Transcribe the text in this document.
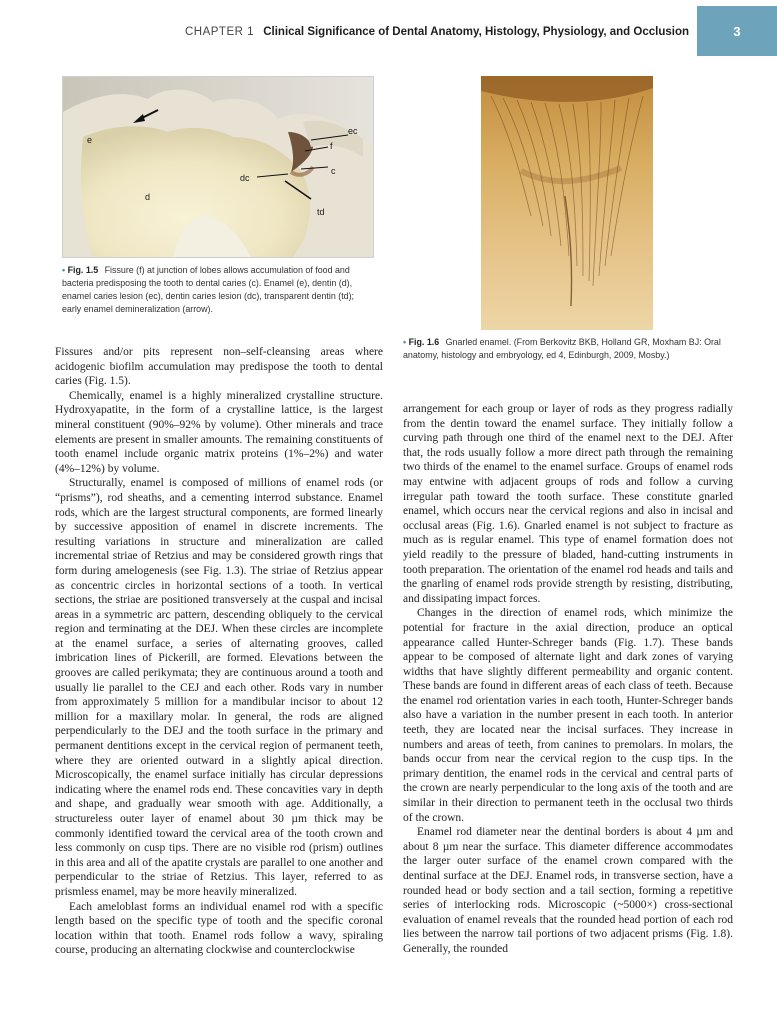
CHAPTER 1 Clinical Significance of Dental Anatomy, Histology, Physiology, and Occlusion	3
e
d
ec
f
c
dc
td
• Fig. 1.5 Fissure (f) at junction of lobes allows accumulation of food and bacteria predisposing the tooth to dental caries (c). Enamel (e), dentin (d), enamel caries lesion (ec), dentin caries lesion (dc), transparent dentin (td); early enamel demineralization (arrow).
• Fig. 1.6 Gnarled enamel. (From Berkovitz BKB, Holland GR, Moxham BJ: Oral anatomy, histology and embryology, ed 4, Edinburgh, 2009, Mosby.)

Fissures and/or pits represent non–self-cleansing areas where acidogenic biofilm accumulation may predispose the tooth to dental caries (Fig. 1.5).

Chemically, enamel is a highly mineralized crystalline structure. Hydroxyapatite, in the form of a crystalline lattice, is the largest mineral constituent (90%–92% by volume). Other minerals and trace elements are present in smaller amounts. The remaining constituents of tooth enamel include organic matrix proteins (1%–2%) and water (4%–12%) by volume.

Structurally, enamel is composed of millions of enamel rods (or “prisms”), rod sheaths, and a cementing interrod substance. Enamel rods, which are the largest structural components, are formed linearly by successive apposition of enamel in discrete increments. The resulting variations in structure and mineralization are called incremental striae of Retzius and may be considered growth rings that form during amelogenesis (see Fig. 1.3). The striae of Retzius appear as concentric circles in horizontal sections of a tooth. In vertical sections, the striae are positioned transversely at the cuspal and incisal areas in a symmetric arc pattern, descending obliquely to the cervical region and terminating at the DEJ. When these circles are incomplete at the enamel surface, a series of alternating grooves, called imbrication lines of Pickerill, are formed. Elevations between the grooves are called perikymata; they are continuous around a tooth and usually lie parallel to the CEJ and each other. Rods vary in number from approximately 5 million for a mandibular incisor to about 12 million for a maxillary molar. In general, the rods are aligned perpendicularly to the DEJ and the tooth surface in the primary and permanent dentitions except in the cervical region of permanent teeth, where they are oriented outward in a slightly apical direction. Microscopically, the enamel surface initially has circular depressions indicating where the enamel rods end. These concavities vary in depth and shape, and gradually wear smooth with age. Additionally, a structureless outer layer of enamel about 30 µm thick may be commonly identified toward the cervical area of the tooth crown and less commonly on cusp tips. There are no visible rod (prism) outlines in this area and all of the apatite crystals are parallel to one another and perpendicular to the striae of Retzius. This layer, referred to as prismless enamel, may be more heavily mineralized.

Each ameloblast forms an individual enamel rod with a specific length based on the specific type of tooth and the specific coronal location within that tooth. Enamel rods follow a wavy, spiraling course, producing an alternating clockwise and counterclockwise

arrangement for each group or layer of rods as they progress radially from the dentin toward the enamel surface. They initially follow a curving path through one third of the enamel next to the DEJ. After that, the rods usually follow a more direct path through the remaining two thirds of the enamel to the enamel surface. Groups of enamel rods may entwine with adjacent groups of rods and follow a curving irregular path toward the tooth surface. These constitute gnarled enamel, which occurs near the cervical regions and also in incisal and occlusal areas (Fig. 1.6). Gnarled enamel is not subject to fracture as much as is regular enamel. This type of enamel formation does not yield readily to the pressure of bladed, hand-cutting instruments in tooth preparation. The orientation of the enamel rod heads and tails and the gnarling of enamel rods provide strength by resisting, distributing, and dissipating impact forces.

Changes in the direction of enamel rods, which minimize the potential for fracture in the axial direction, produce an optical appearance called Hunter-Schreger bands (Fig. 1.7). These bands appear to be composed of alternate light and dark zones of varying widths that have slightly different permeability and organic content. These bands are found in different areas of each class of teeth. Because the enamel rod orientation varies in each tooth, Hunter-Schreger bands also have a variation in the number present in each tooth. In anterior teeth, they are located near the incisal surfaces. They increase in numbers and areas of teeth, from canines to premolars. In molars, the bands occur from near the cervical region to the cusp tips. In the primary dentition, the enamel rods in the cervical and central parts of the crown are nearly perpendicular to the long axis of the tooth and are similar in their direction to permanent teeth in the occlusal two thirds of the crown.

Enamel rod diameter near the dentinal borders is about 4 µm and about 8 µm near the surface. This diameter difference accommodates the larger outer surface of the enamel crown compared with the dentinal surface at the DEJ. Enamel rods, in transverse section, have a rounded head or body section and a tail section, forming a repetitive series of interlocking rods. Microscopic (~5000×) cross-sectional evaluation of enamel reveals that the rounded head portion of each rod lies between the narrow tail portions of two adjacent prisms (Fig. 1.8). Generally, the rounded
